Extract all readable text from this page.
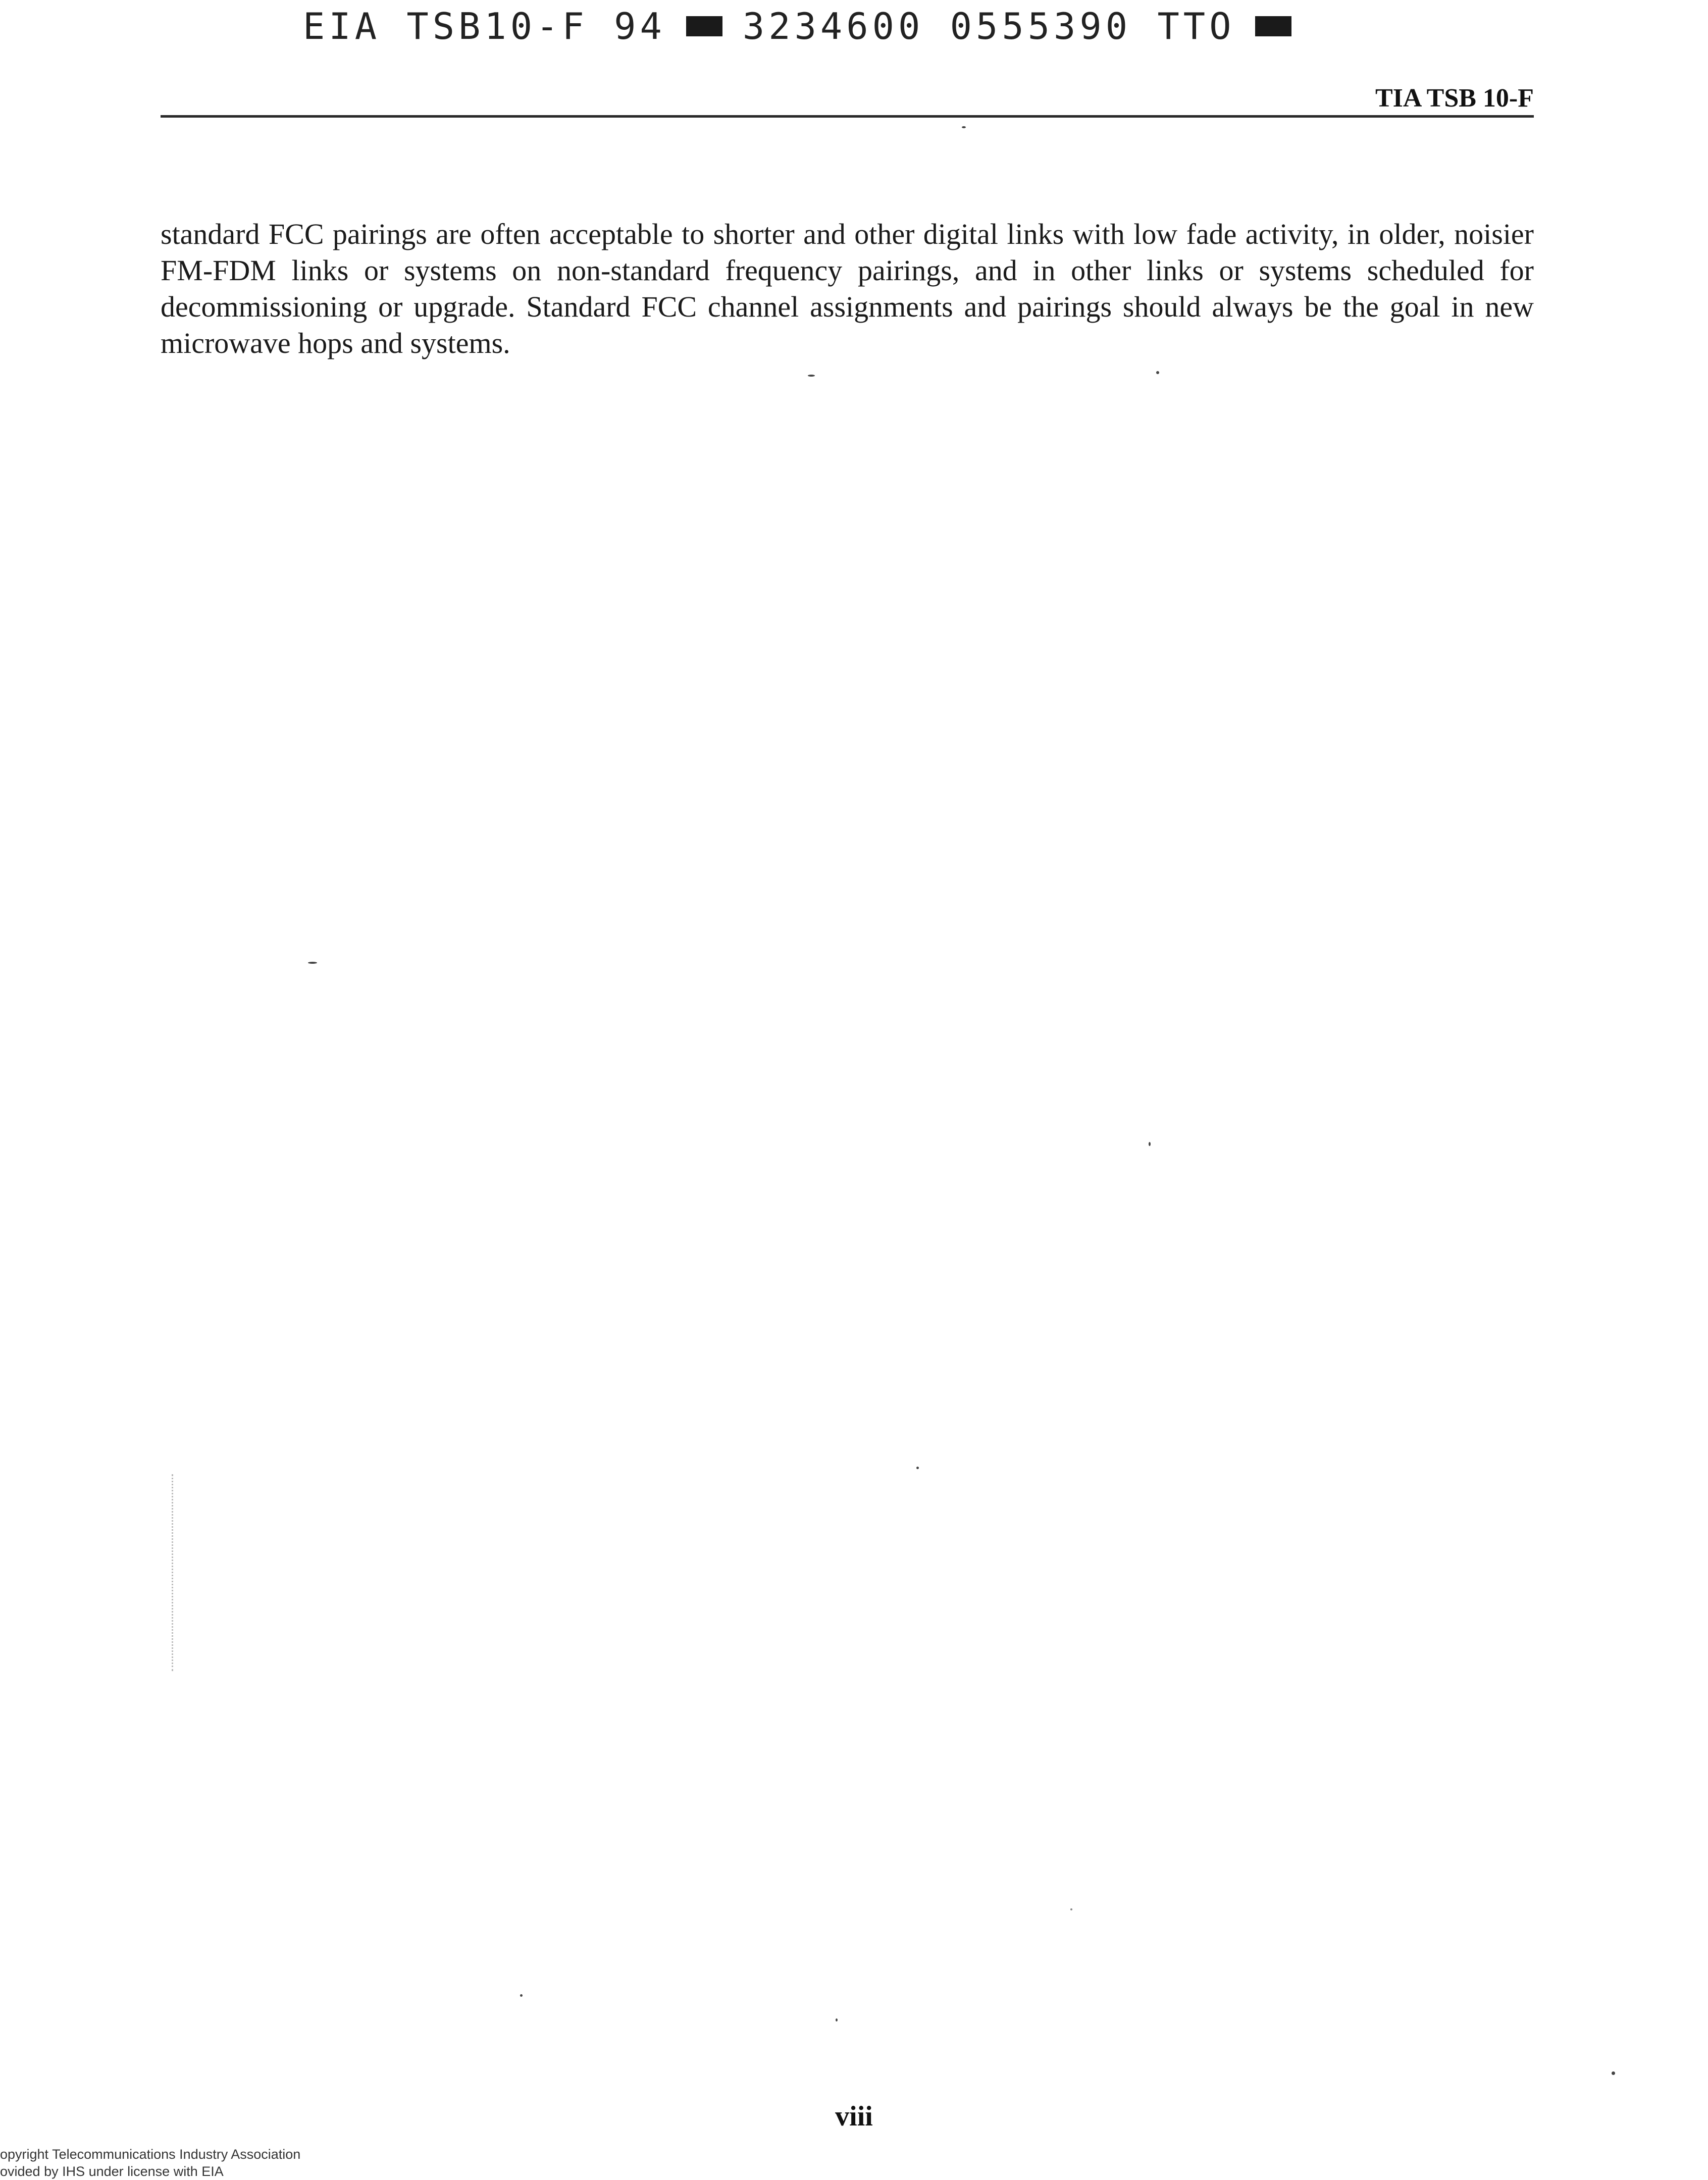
EIA TSB10-F 94 3234600 0555390 TTO
TIA TSB 10-F

standard FCC pairings are often acceptable to shorter and other digital links with low fade activity, in older, noisier FM-FDM links or systems on non-standard frequency pairings, and in other links or systems scheduled for decommissioning or upgrade. Standard FCC channel assignments and pairings should always be the goal in new microwave hops and systems.

viii
opyright Telecommunications Industry Association
ovided by IHS under license with EIA
